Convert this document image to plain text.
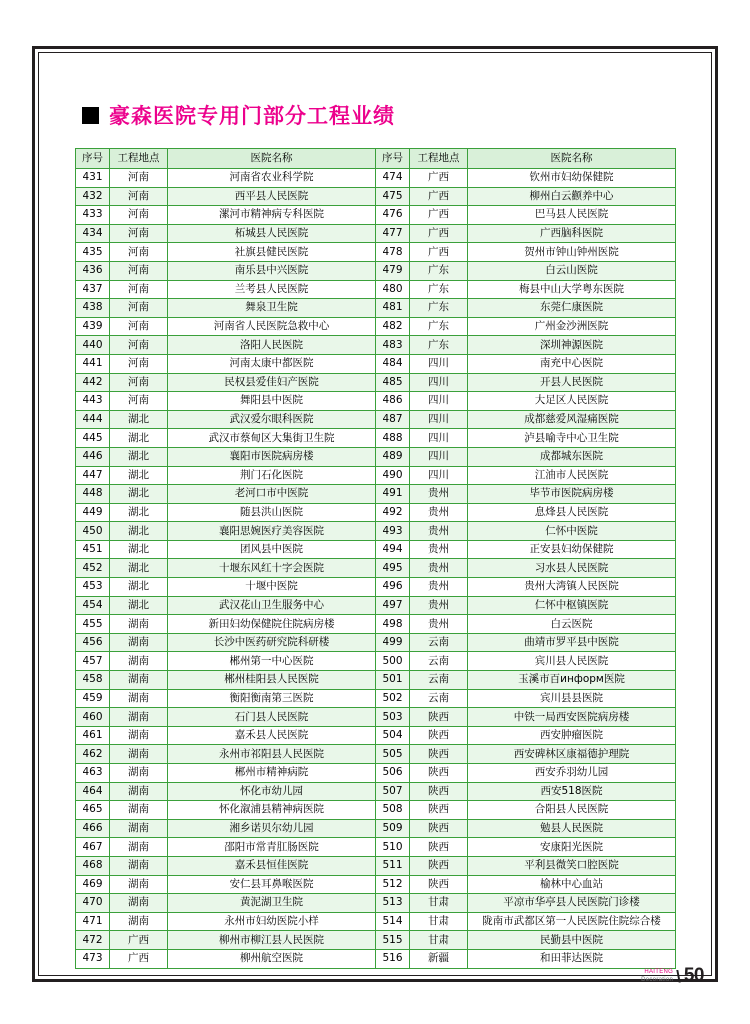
豪森医院专用门部分工程业绩
序号	工程地点	医院名称	序号	工程地点	医院名称
431	河南	河南省农业科学院	474	广西	钦州市妇幼保健院
432	河南	西平县人民医院	475	广西	柳州白云颧养中心
433	河南	漯河市精神病专科医院	476	广西	巴马县人民医院
434	河南	柘城县人民医院	477	广西	广西脑科医院
435	河南	社旗县健民医院	478	广西	贺州市钟山钟州医院
436	河南	南乐县中兴医院	479	广东	白云山医院
437	河南	兰考县人民医院	480	广东	梅县中山大学粤东医院
438	河南	舞泉卫生院	481	广东	东莞仁康医院
439	河南	河南省人民医院急救中心	482	广东	广州金沙洲医院
440	河南	洛阳人民医院	483	广东	深圳神源医院
441	河南	河南太康中都医院	484	四川	南充中心医院
442	河南	民权县爱佳妇产医院	485	四川	开县人民医院
443	河南	舞阳县中医院	486	四川	大足区人民医院
444	湖北	武汉爱尔眼科医院	487	四川	成都慈爱风湿痛医院
445	湖北	武汉市蔡甸区大集街卫生院	488	四川	泸县喻寺中心卫生院
446	湖北	襄阳市医院病房楼	489	四川	成都城东医院
447	湖北	荆门石化医院	490	四川	江油市人民医院
448	湖北	老河口市中医院	491	贵州	毕节市医院病房楼
449	湖北	随县洪山医院	492	贵州	息烽县人民医院
450	湖北	襄阳思婉医疗美容医院	493	贵州	仁怀中医院
451	湖北	团风县中医院	494	贵州	正安县妇幼保健院
452	湖北	十堰东风红十字会医院	495	贵州	习水县人民医院
453	湖北	十堰中医院	496	贵州	贵州大湾镇人民医院
454	湖北	武汉花山卫生服务中心	497	贵州	仁怀中枢镇医院
455	湖南	新田妇幼保健院住院病房楼	498	贵州	白云医院
456	湖南	长沙中医药研究院科研楼	499	云南	曲靖市罗平县中医院
457	湖南	郴州第一中心医院	500	云南	宾川县人民医院
458	湖南	郴州桂阳县人民医院	501	云南	玉溪市百информ医院
459	湖南	衡阳衡南第三医院	502	云南	宾川县县医院
460	湖南	石门县人民医院	503	陕西	中铁一局西安医院病房楼
461	湖南	嘉禾县人民医院	504	陕西	西安肿瘤医院
462	湖南	永州市祁阳县人民医院	505	陕西	西安碑林区康福德护理院
463	湖南	郴州市精神病院	506	陕西	西安乔羽幼儿园
464	湖南	怀化市幼儿园	507	陕西	西安518医院
465	湖南	怀化溆浦县精神病医院	508	陕西	合阳县人民医院
466	湖南	湘乡诺贝尔幼儿园	509	陕西	勉县人民医院
467	湖南	邵阳市常青肛肠医院	510	陕西	安康阳光医院
468	湖南	嘉禾县恒佳医院	511	陕西	平利县微笑口腔医院
469	湖南	安仁县耳鼻喉医院	512	陕西	榆林中心血站
470	湖南	黄泥湖卫生院	513	甘肃	平凉市华亭县人民医院门诊楼
471	湖南	永州市妇幼医院小样	514	甘肃	陇南市武都区第一人民医院住院综合楼
472	广西	柳州市柳江县人民医院	515	甘肃	民勤县中医院
473	广西	柳州航空医院	516	新疆	和田菲达医院
HAITENG
Decoration \ 50
